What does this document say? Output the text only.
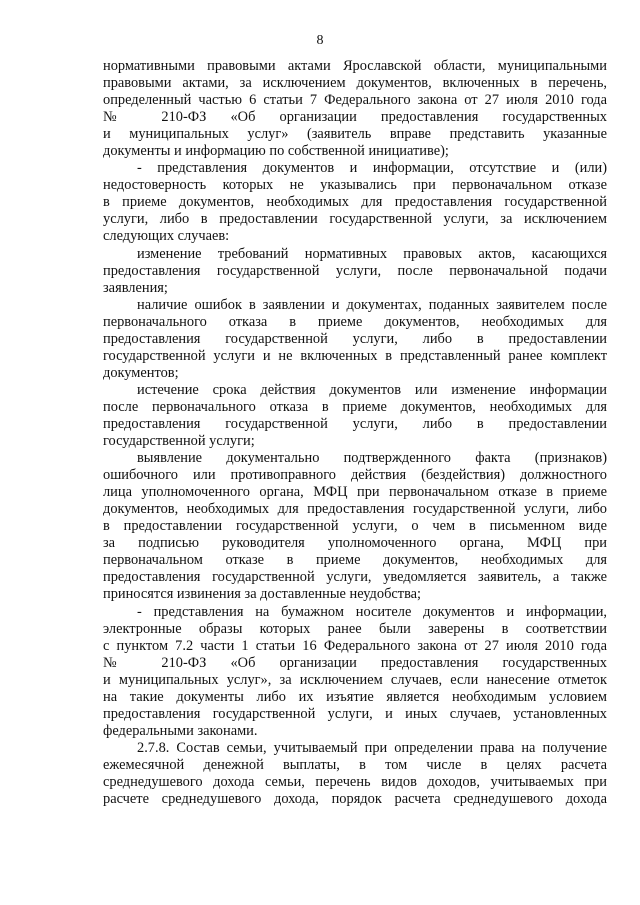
8
нормативными правовыми актами Ярославской области, муниципальными
правовыми актами, за исключением документов, включенных в перечень,
определенный частью 6 статьи 7 Федерального закона от 27 июля 2010 года
№ 210-ФЗ «Об организации предоставления государственных
и муниципальных услуг» (заявитель вправе представить указанные
документы и информацию по собственной инициативе);
- представления документов и информации, отсутствие и (или)
недостоверность которых не указывались при первоначальном отказе
в приеме документов, необходимых для предоставления государственной
услуги, либо в предоставлении государственной услуги, за исключением
следующих случаев:
изменение требований нормативных правовых актов, касающихся
предоставления государственной услуги, после первоначальной подачи
заявления;
наличие ошибок в заявлении и документах, поданных заявителем после
первоначального отказа в приеме документов, необходимых для
предоставления государственной услуги, либо в предоставлении
государственной услуги и не включенных в представленный ранее комплект
документов;
истечение срока действия документов или изменение информации
после первоначального отказа в приеме документов, необходимых для
предоставления государственной услуги, либо в предоставлении
государственной услуги;
выявление документально подтвержденного факта (признаков)
ошибочного или противоправного действия (бездействия) должностного
лица уполномоченного органа, МФЦ при первоначальном отказе в приеме
документов, необходимых для предоставления государственной услуги, либо
в предоставлении государственной услуги, о чем в письменном виде
за подписью руководителя уполномоченного органа, МФЦ при
первоначальном отказе в приеме документов, необходимых для
предоставления государственной услуги, уведомляется заявитель, а также
приносятся извинения за доставленные неудобства;
- представления на бумажном носителе документов и информации,
электронные образы которых ранее были заверены в соответствии
с пунктом 7.2 части 1 статьи 16 Федерального закона от 27 июля 2010 года
№ 210-ФЗ «Об организации предоставления государственных
и муниципальных услуг», за исключением случаев, если нанесение отметок
на такие документы либо их изъятие является необходимым условием
предоставления государственной услуги, и иных случаев, установленных
федеральными законами.
2.7.8. Состав семьи, учитываемый при определении права на получение
ежемесячной денежной выплаты, в том числе в целях расчета
среднедушевого дохода семьи, перечень видов доходов, учитываемых при
расчете среднедушевого дохода, порядок расчета среднедушевого дохода
